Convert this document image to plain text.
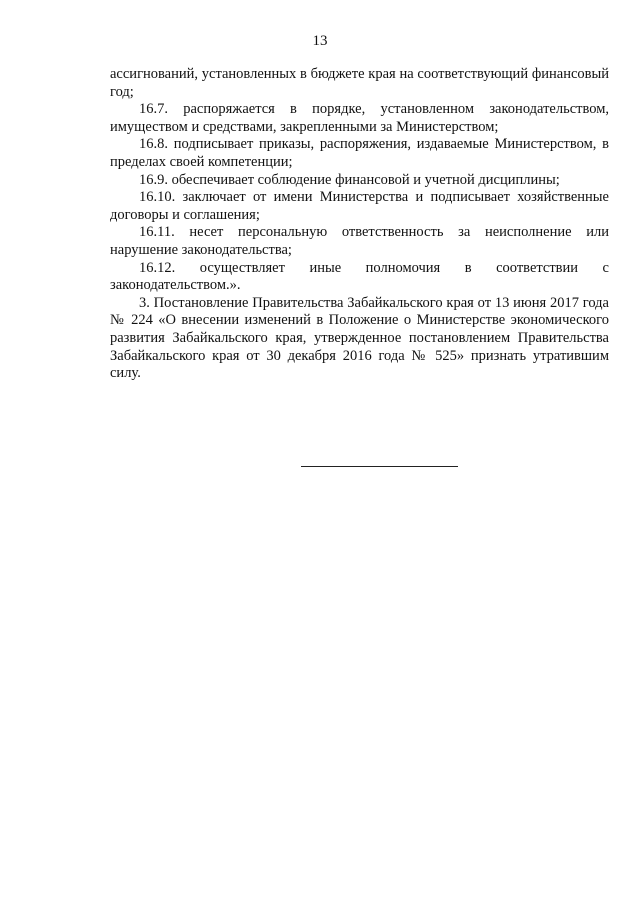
13

ассигнований, установленных в бюджете края на соответствующий финансовый год;

16.7. распоряжается в порядке, установленном законодательством, имуществом и средствами, закрепленными за Министерством;

16.8. подписывает приказы, распоряжения, издаваемые Министерством, в пределах своей компетенции;

16.9. обеспечивает соблюдение финансовой и учетной дисциплины;

16.10. заключает от имени Министерства и подписывает хозяйственные договоры и соглашения;

16.11. несет персональную ответственность за неисполнение или нарушение законодательства;

16.12. осуществляет иные полномочия в соответствии с законодательством.».

3. Постановление Правительства Забайкальского края от 13 июня 2017 года № 224 «О внесении изменений в Положение о Министерстве экономического развития Забайкальского края, утвержденное постановлением Правительства Забайкальского края от 30 декабря 2016 года № 525» признать утратившим силу.
